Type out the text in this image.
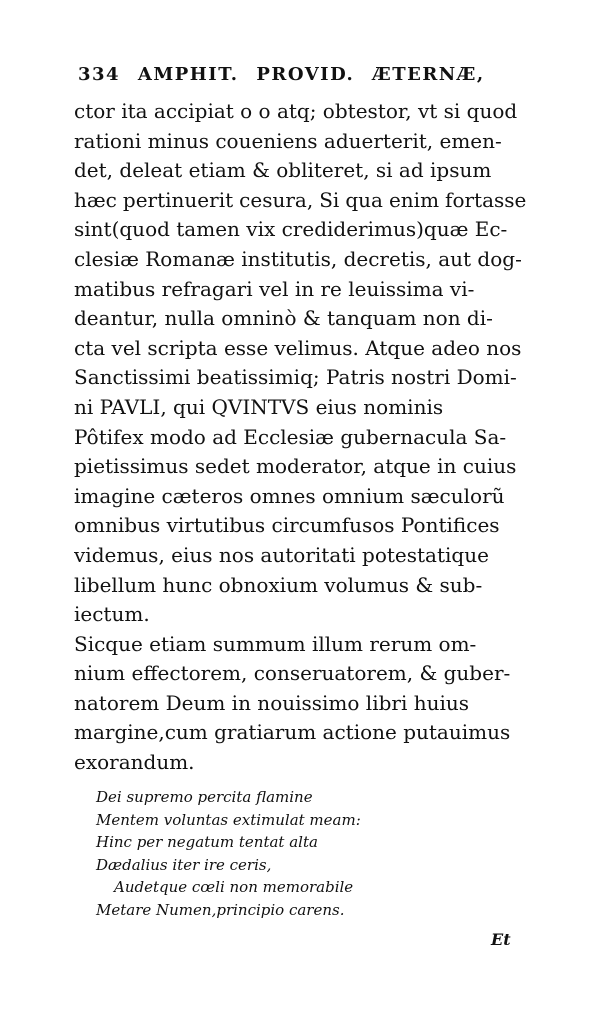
334 AMPHIT. PROVID. ÆTERNÆ,
ctor ita accipiat o o atq; obtestor, vt si quod
rationi minus coueniens aduerterit, emen-
det, deleat etiam & obliteret, si ad ipsum
hæc pertinuerit cesura, Si qua enim fortasse
sint(quod tamen vix crediderimus)quæ Ec-
clesiæ Romanæ institutis, decretis, aut dog-
matibus refragari vel in re leuissima vi-
deantur, nulla omninò & tanquam non di-
cta vel scripta esse velimus. Atque adeo nos
Sanctissimi beatissimiq; Patris nostri Domi-
ni PAVLI, qui QVINTVS eius nominis
Pôtifex modo ad Ecclesiæ gubernacula Sa-
pietissimus sedet moderator, atque in cuius
imagine cæteros omnes omnium sæculorũ
omnibus virtutibus circumfusos Pontifices
videmus, eius nos autoritati potestatique
libellum hunc obnoxium volumus & sub-
iectum.
Sicque etiam summum illum rerum om-
nium effectorem, conseruatorem, & guber-
natorem Deum in nouissimo libri huius
margine,cum gratiarum actione putauimus
exorandum.
Dei supremo percita flamine
Mentem voluntas extimulat meam:
Hinc per negatum tentat alta
Dædalius iter ire ceris,
Audetque cœli non memorabile
Metare Numen,principio carens.
Et
